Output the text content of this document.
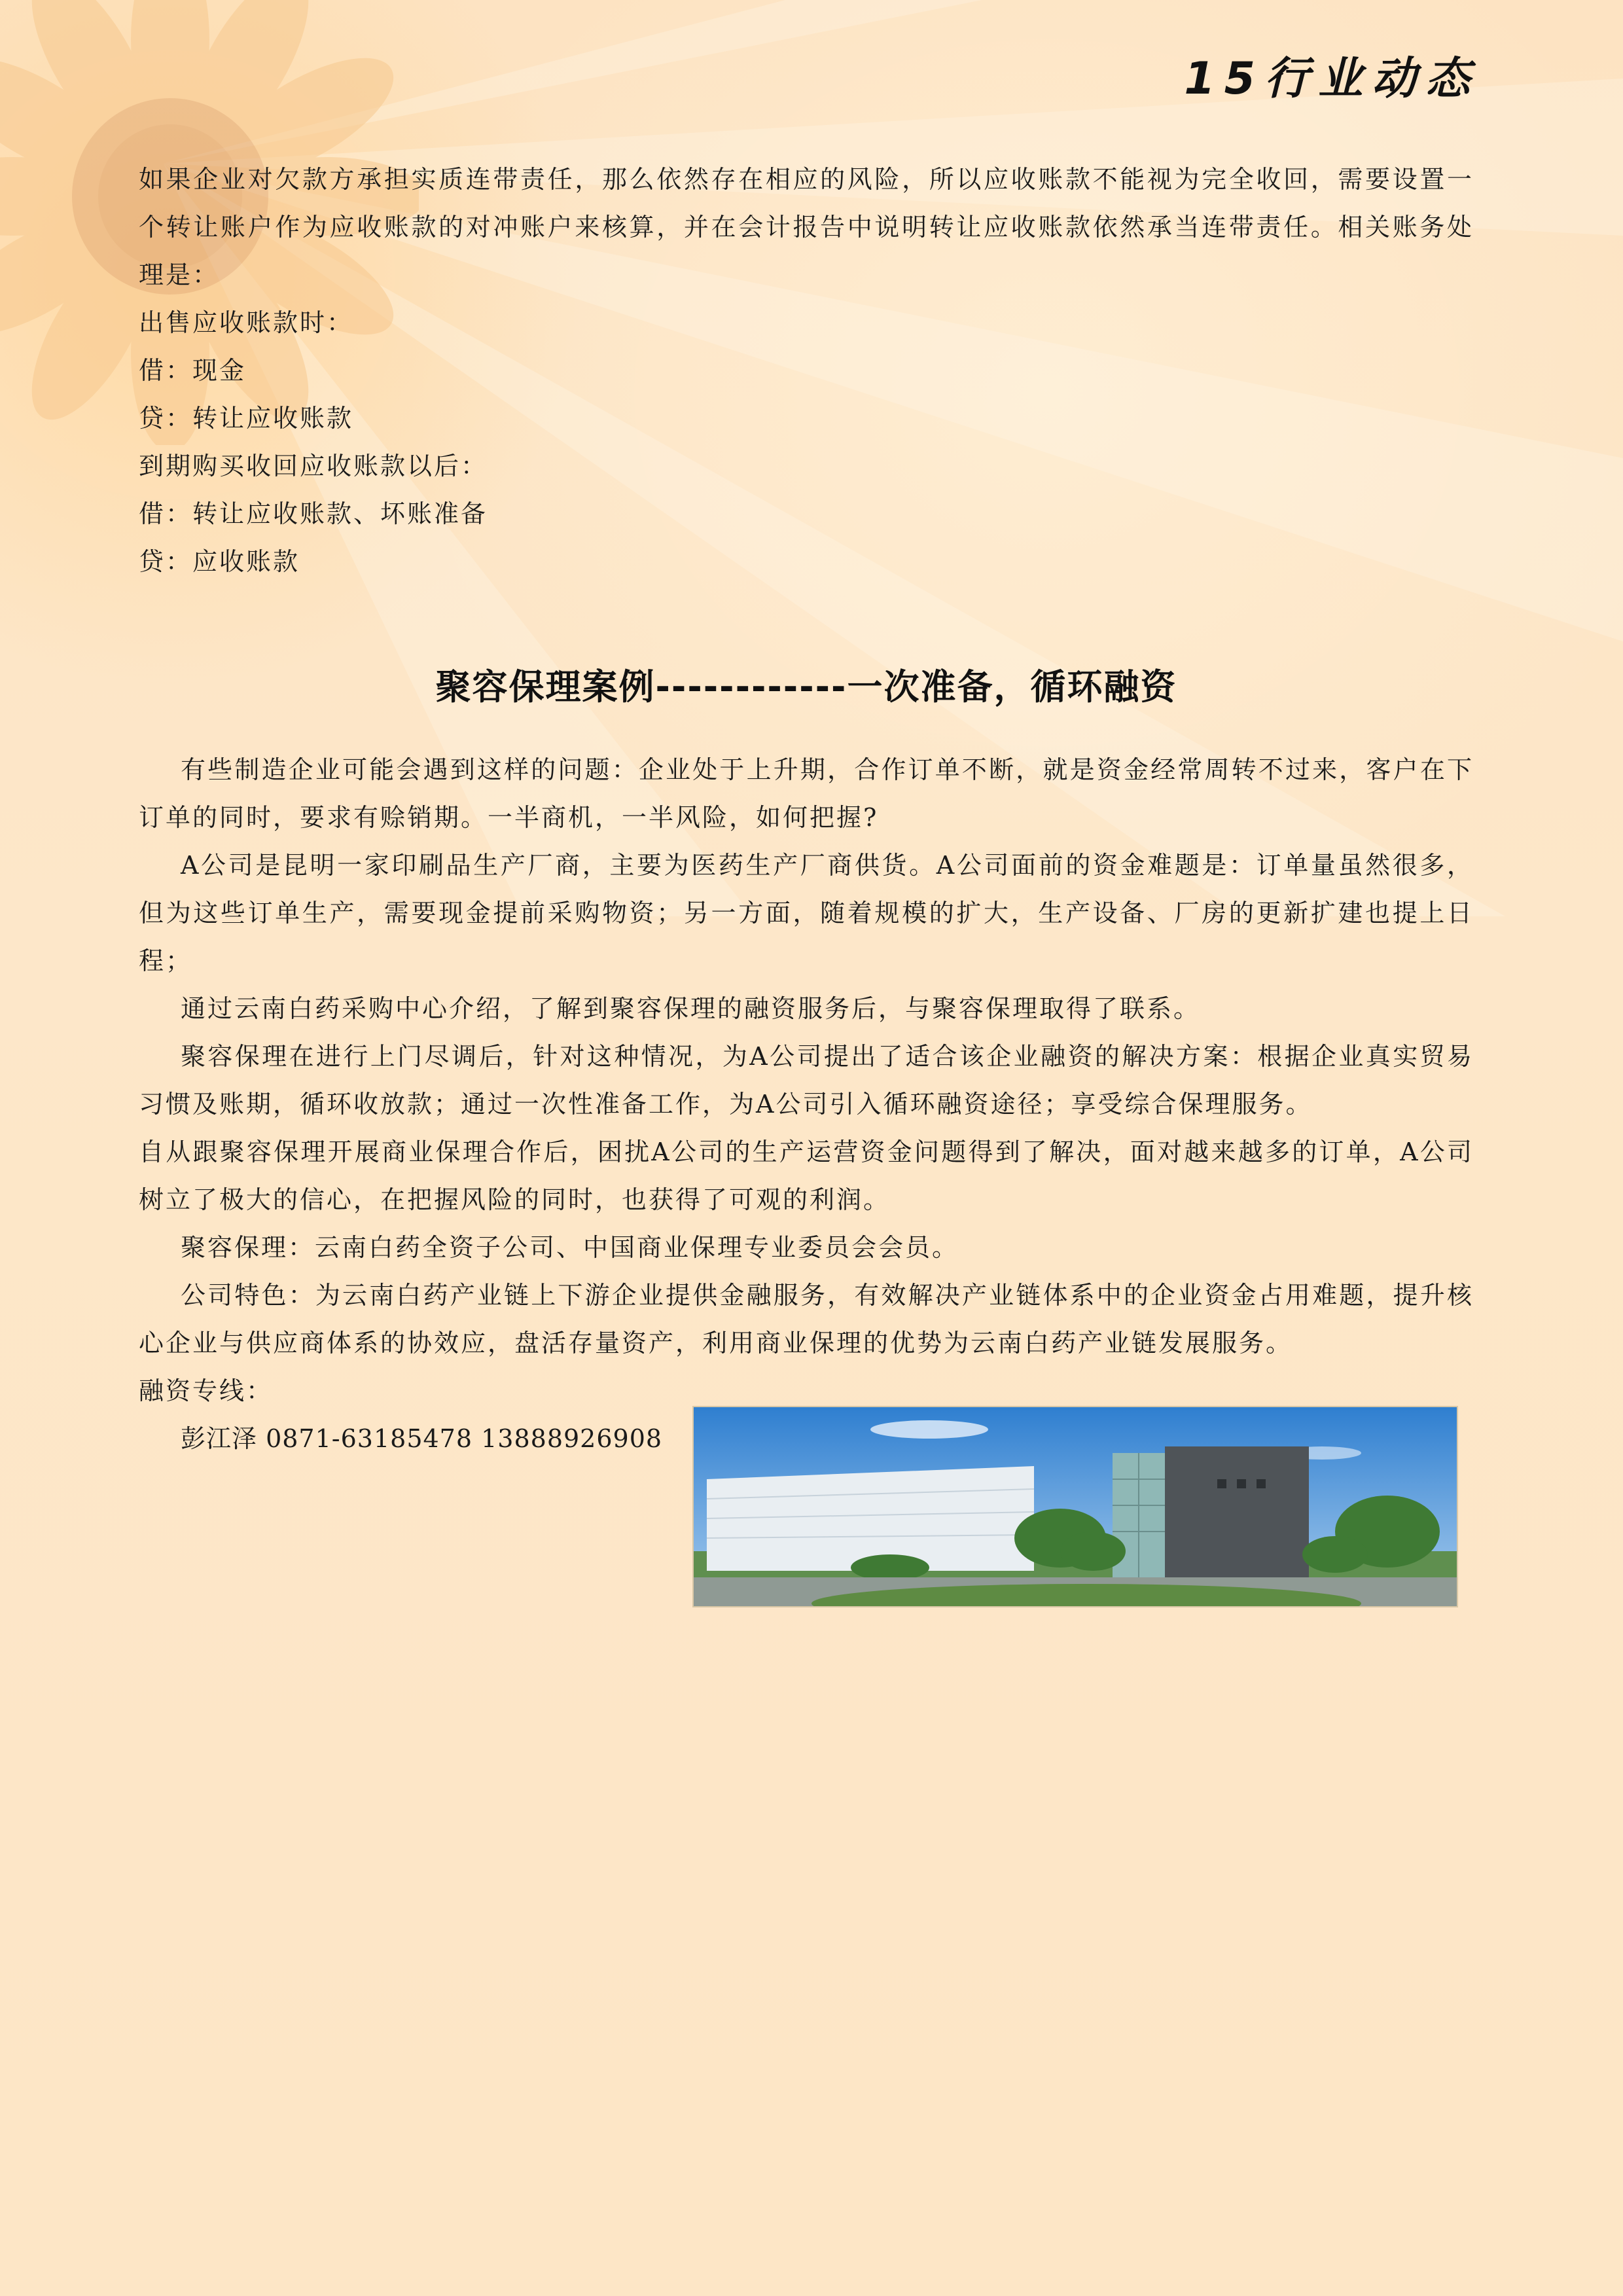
15行业动态
如果企业对欠款方承担实质连带责任，那么依然存在相应的风险，所以应收账款不能视为完全收回，需要设置一个转让账户作为应收账款的对冲账户来核算，并在会计报告中说明转让应收账款依然承当连带责任。相关账务处理是：
出售应收账款时：
借：现金
贷：转让应收账款
到期购买收回应收账款以后：
借：转让应收账款、坏账准备
贷：应收账款
聚容保理案例------------一次准备，循环融资
有些制造企业可能会遇到这样的问题：企业处于上升期，合作订单不断，就是资金经常周转不过来，客户在下订单的同时，要求有赊销期。一半商机，一半风险，如何把握?
A公司是昆明一家印刷品生产厂商，主要为医药生产厂商供货。A公司面前的资金难题是：订单量虽然很多，但为这些订单生产，需要现金提前采购物资；另一方面，随着规模的扩大，生产设备、厂房的更新扩建也提上日程；
通过云南白药采购中心介绍，了解到聚容保理的融资服务后，与聚容保理取得了联系。
聚容保理在进行上门尽调后，针对这种情况，为A公司提出了适合该企业融资的解决方案：根据企业真实贸易习惯及账期，循环收放款；通过一次性准备工作，为A公司引入循环融资途径；享受综合保理服务。
自从跟聚容保理开展商业保理合作后，困扰A公司的生产运营资金问题得到了解决，面对越来越多的订单，A公司树立了极大的信心，在把握风险的同时，也获得了可观的利润。
聚容保理：云南白药全资子公司、中国商业保理专业委员会会员。
公司特色：为云南白药产业链上下游企业提供金融服务，有效解决产业链体系中的企业资金占用难题，提升核心企业与供应商体系的协效应，盘活存量资产，利用商业保理的优势为云南白药产业链发展服务。
融资专线：
彭江泽 0871-63185478 13888926908
